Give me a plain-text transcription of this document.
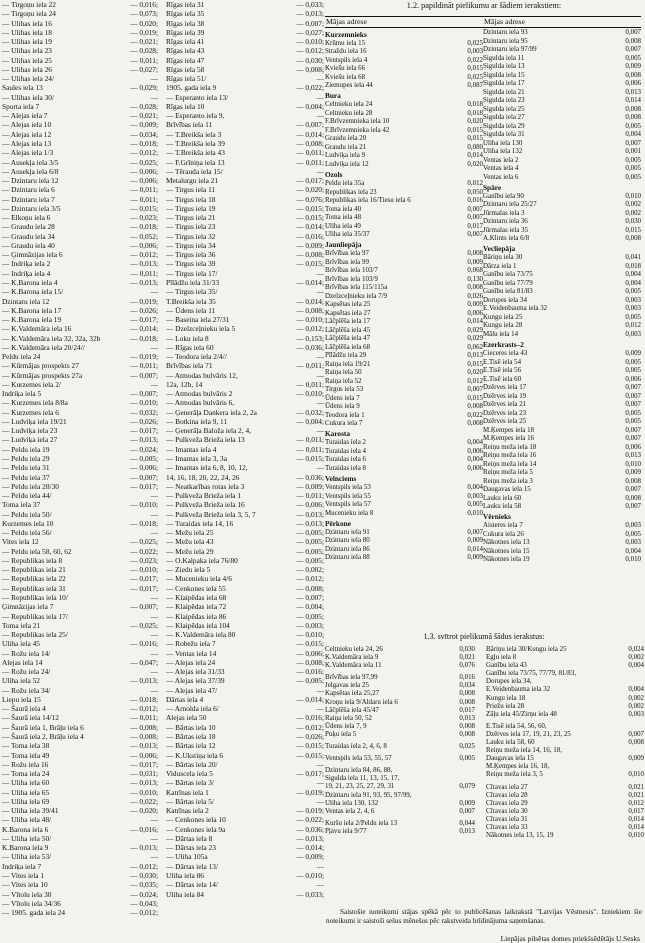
— Tirgoņu iela 22	— 0,016;
— Tirgoņu iela 24	— 0,073;
— Ulihas iela 16	— 0,020;
— Ulihas iela 18	— 0,019;
— Ulihas iela 19	— 0,021;
— Ulihas iela 23	— 0,028;
— Ulihas iela 25	— 0,011;
— Ulihas iela 26	— 0,027;
— Ulihas iela 24/	—
Saules iela 13	— 0,029;
— Ulihas iela 30/	—
Sporta iela 7	— 0,028;
— Alejas iela 7	— 0,021;
— Alejas iela 10	— 0,009;
— Alejas iela 12	— 0,034;
— Alejas iela 13	— 0,018;
— Alejas iela 1/3	— 0,012;
— Ausekļa iela 3/5	— 0,025;
— Ausekļa iela 6/8	— 0,006;
— Dzintaru iela 12	— 0,006;
— Dzintaru iela 6	— 0,011;
— Dzintaru iela 7	— 0,011;
— Dzintaru iela 3/5	— 0,015;
— Elkoņu iela 6	— 0,023;
— Graudu iela 28	— 0,018;
— Graudu iela 34	— 0,052;
— Graudu iela 40	— 0,006;
— Ģimnāzijas iela 6	— 0,012;
— Indriķa iela 2	— 0,013;
— Indriķa iela 4	— 0,011;
— K.Barona iela 4	— 0,013;
— K.Barona iela 15/	—
Dzintaru iela 12	— 0,019;
— K.Barona iela 17	— 0,026;
— K.Barona iela 19	— 0,017;
— K.Valdemāra iela 16	— 0,014;
— K.Valdemāra iela 32, 32a, 32b	— 0,018;
— K.Valdemāra iela 20/24//	—
Peldu iela 24	— 0,019;
— Kūrmājas prospekts 27	— 0,011;
— Kūrmājas prospekts 27a	— 0,007;
— Kurzemes iela 2/	—
Indriķa iela 5	— 0,007;
— Kurzemes iela 8/8a	— 0,010;
— Kurzemes iela 6	— 0,032;
— Ludviķa iela 19/21	— 0,026;
— Ludviķa iela 23	— 0,017;
— Ludviķa iela 27	— 0,013;
— Peldu iela 19	— 0,024;
— Peldu iela 29	— 0,005;
— Peldu iela 31	— 0,006;
— Peldu iela 37	— 0,007;
— Peldu iela 28/30	— 0,017;
— Peldu iela 44/	—
Toma iela 37	— 0,010;
— Peldu iela 50/	—
Kurzemes iela 10	— 0,018;
— Peldu iela 56/	—
Vites iela 12	— 0,025;
— Peldu iela 58, 60, 62	— 0,022;
— Republikas iela 8	— 0,023;
— Republikas iela 21	— 0,010;
— Republikas iela 22	— 0,017;
— Republikas iela 31	— 0,017;
— Republikas iela 10/	—
Ģimnāzijas iela 7	— 0,007;
— Republikas iela 17/	—
Toma iela 21	— 0,025;
— Republikas iela 25/	—
Uliha iela 45	— 0,016;
— Rožu iela 14/	—
Alejas iela 14	— 0,047;
— Rožu iela 24/	—
Uliha iela 52	— 0,013;
— Rožu iela 34/	—
Liepu iela 15	— 0,018;
— Šaurā iela 4	— 0,012;
— Šaurā iela 14/12	— 0,011;
— Šaurā iela 1, Brāļu iela 6	— 0,008;
— Šaurā iela 2, Brāļu iela 4	— 0,008;
— Toma iela 38	— 0,013;
— Toma iela 49	— 0,006;
— Rožu iela 16	— 0,017;
— Toma iela 24	— 0,031;
— Uliha iela 60	— 0,013;
— Uliha iela 65	— 0,010;
— Uliha iela 69	— 0,022;
— Uliha iela 39/41	— 0,020;
— Uliha iela 48/	—
K.Barona iela 6	— 0,016;
— Uliha iela 50/	—
K.Barona iela 9	— 0,013;
— Uliha iela 53/	—
Indriķa iela 7	— 0,012;
— Vites iela 1	— 0,030;
— Vites iela 10	— 0,035;
— Vītolu iela 30	— 0,024;
— Vītolu iela 34/36	— 0,043;
— 1905. gada iela 24	— 0,012;
Rīgas iela 31	— 0,033;
Rīgas iela 35	— 0,013;
Rīgas iela 38	— 0,007;
Rīgas iela 39	— 0,027;
Rīgas iela 41	— 0,010;
Rīgas iela 43	— 0,012;
Rīgas iela 47	— 0,030;
Rīgas iela 58	— 0,008;
Rīgas iela 51/	—
1905. gada iela 9	— 0,022;
— Esperanto iela 13/	—
Rīgas iela 10	— 0,004;
— Esperanto iela 9,	—
Brīvības iela 11	— 0,007;
— T.Breikša iela 3	— 0,014;
— T.Breikša iela 39	— 0,008;
— T.Breikša iela 43	— 0,011;
— F.Grīniņa iela 13	— 0,011;
— Tērauda iela 15/	—
Metalurgu iela 21	— 0,017;
— Tirgus iela 11	— 0,020;
— Tirgus iela 18	— 0,076;
— Tirgus iela 19	— 0,015;
— Tirgus iela 21	— 0,015;
— Tirgus iela 23	— 0,014;
— Tirgus iela 32	— 0,016;
— Tirgus iela 34	— 0,009;
— Tirgus iela 36	— 0,008;
— Tirgus iela 39	— 0,015;
— Tirgus iela 17/	—
Pīlādžu iela 31/33	— 0,014;
— Tirgus iela 35/	—
T.Breikša iela 35	— 0,014;
— Ūdens iela 11	— 0,008;
— Baseina iela 27/31	— 0,010;
— Dzelzceļnieku iela 5	— 0,012;
— Loku iela 8	— 0,153;
— Rīgas iela 60	— 0,036;
— Teodora iela 2/4//	—
Brīvības iela 71	— 0,011;
— Atmodas bulvāris 12,	—
12a, 12b, 14	— 0,011;
— Atmodas bulvāris 2	— 0,010;
— Atmodas bulvāris 6,	—
— Ģenerāļa Dankera iela 2, 2a	— 0,032;
— Botkina iela 9, 11	— 0,004;
— Ģenerāļa Baloža iela 2, 4,	—
— Pulkveža Brieža iela 13	— 0,011;
— Imantas iela 4	— 0,011;
— Imantas iela 3, 3a	— 0,015;
— Imantas iela 6, 8, 10, 12,	—
14, 16, 18, 20, 22, 24, 26	— 0,036;
— Neatkarības rotas iela 3	— 0,009;
— Pulkveža Brieža iela 1	— 0,011;
— Pulkveža Brieža iela 16	— 0,006;
— Pulkveža Brieža iela 3, 5, 7	— 0,013;
— Turaidas iela 14, 16	— 0,013;
— Mežu iela 25	— 0,005;
— Mežu iela 43	— 0,005;
— Mežu iela 29	— 0,005;
— O.Kalpaka iela 76/80	— 0,005;
— Ziedu iela 5	— 0,002;
— Mucenieku iela 4/6	— 0,012;
— Cenkones iela 55	— 0,008;
— Klaipēdas iela 68	— 0,007;
— Klaipēdas iela 72	— 0,004;
— Klaipēdas iela 86	— 0,005;
— Klaipēdas iela 104	— 0,003;
— K.Valdemāra iela 80	— 0,010;
— Robežu iela 7	— 0,015;
— Ventas iela 14	— 0,006;
— Alejas iela 24	— 0,008;
— Alejas iela 31/33	— 0,016;
— Alejas iela 37/39	— 0,005;
— Alejas iela 47/	—
Dārtas iela 4	— 0,014;
— Arnolda iela 6/	—
Alejas iela 50	— 0,016;
— Bārtas iela 10	— 0,012;
— Bārtas iela 18	— 0,026;
— Bārtas iela 12	— 0,015;
— K.Ukstiņa iela 6	— 0,015;
— Bārtas iela 20/	—
Viduscela iela 5	— 0,017;
— Bārtas iela 3/	—
Katrīnas iela 1	— 0,019;
— Bārtas iela 5/	—
Katrīnas iela 2	— 0,019;
— Cenkones iela 10	— 0,022;
— Cenkones iela 9a	— 0,036;
— Dārtas iela 8	— 0,013;
— Dārtas iela 23	— 0,014;
— Uliha 105a	— 0,009;
— Dārtas iela 13/	—
Uliha iela 86	— 0,010;
— Dārtas iela 14/	—
Uliha iela 84	— 0,033;
1.2. papildināt pielikumu ar šādiem ierakstiem:
Mājas adrese
Kurzemnieks
Krūmu iela 15	0,025
Straždu iela 16	0,003
Ventspils iela 4	0,022
Kviešu iela 66	0,015
Kviešu iela 68	0,025
Ziemupes iela 44	0,087
Bura
Celtnieku iela 24	0,018
Celtnieku iela 28	0,018
F.Brīvzemnieka iela 10	0,020
F.Brīvzemnieka iela 42	0,015
Graudu iela 20	0,015
Graudu iela 21	0,080
Ludviķa iela 9	0,014
Ludviķa iela 12	0,020
Ozols
Peldu iela 35a	0,012
Republikas iela 23	0,050
Republikas iela 16/Tiesu iela 6	0,016
Toma iela 40	0,007
Toma iela 48	0,007
Uliha iela 49	0,017
Uliha iela 35/37	0,007
Jaunliepāja
Brīvības iela 97	0,008
Brīvības iela 99	0,009
Brīvības iela 103/7	0,068
Brīvības iela 103/9	0,130
Brīvības iela 115/115a	0,008
Dzelzceļnieku iela 7/9	0,026
Kapsētas iela 25	0,009
Kapsētas iela 27	0,006
Lāčplēša iela 17	0,014
Lāčplēša iela 45	0,029
Lāčplēša iela 47	0,029
Lāčplēša iela 68	0,062
Pīlādžu iela 29	0,013
Raiņa iela 19/21	0,015
Raiņa iela 50	0,020
Raiņa iela 52	0,012
Tirgus iela 53	0,007
Ūdens iela 7	0,015
Ūdens iela 9	0,008
Teodora iela 1	0,022
Cukura iela 7	0,008
Karosta
Turaidas iela 2	0,004
Turaidas iela 4	0,006
Turaidas iela 6	0,004
Turaidas iela 8	0,006
Velnciems
Ventspils iela 53	0,004
Ventspils iela 55	0,003
Ventspils iela 57	0,005
Mucenieku iela 8	0,010
Pērkone
Dzintaru iela 91	0,007
Dzintaru iela 80	0,009
Dzintaru iela 86	0,014
Dzintaru iela 88	0,009
Mājas adrese
Dzintaru iela 93	0,007
Dzintaru iela 95	0,008
Dzintaru iela 97/99	0,007
Sigulda iela 11	0,005
Sigulda iela 13	0,009
Sigulda iela 15	0,008
Sigulda iela 17	0,006
Sigulda iela 21	0,013
Sigulda iela 23	0,014
Sigulda iela 25	0,008
Sigulda iela 27	0,008
Sigulda iela 29	0,005
Sigulda iela 31	0,004
Uliha iela 130	0,007
Uliha iela 132	0,001
Ventas iela 2	0,005
Ventas iela 4	0,005
Ventas iela 6	0,005
Spāre
Ganību iela 90	0,010
Dzintaru iela 25/27	0,002
Jūrmalas iela 3	0,002
Dzintaru iela 36	0,030
Jūrmalas iela 35	0,015
A.Klints iela 6/8	0,008
Vecliepāja
Bāriņu iela 30	0,041
Dārza iela 1	0,018
Ganību iela 73/75	0,004
Ganību iela 77/79	0,004
Ganību iela 81/83	0,005
Dorupes iela 34	0,003
E.Veidenbauma iela 32	0,003
Kungu iela 25	0,005
Kungu iela 28	0,012
Mālu iela 14	0,003
Ezerkrasts–2
Cieceres iela 43	0,009
E.Tisē iela 54	0,005
E.Tisē iela 56	0,005
E.Tisē iela 60	0,006
Dzērves iela 17	0,007
Dzērves iela 19	0,007
Dzērves iela 21	0,007
Dzērves iela 23	0,005
Dzērves iela 25	0,005
M.Ķempes iela 18	0,007
M.Ķempes iela 16	0,007
Reiņu meža iela 18	0,006
Reiņu meža iela 16	0,013
Reiņu meža iela 14	0,010
Reiņu meža iela 5	0,009
Reiņu meža iela 3	0,008
Daugavas iela 15	0,007
Lauku iela 60	0,008
Lauku iela 58	0,007
Vērnieks
Aisteres iela 7	0,003
Cukura iela 26	0,005
Nākotnes iela 13	0,003
Nākotnes iela 15	0,004
Nākotnes iela 19	0,010
1.3. svītrot pielikumā šādus ierakstus:
Celtnieku iela 24, 26	0,030
K.Valdemāra iela 9	0,021
K.Valdemāra iela 11	0,076
Brīvības iela 97,99	0,016
Jelgavas iela 25	0,034
Kapsētas iela 25,27	0,008
Kroņu iela 9/Aldaru iela 6	0,008
Lāčplēša iela 45/47	0,017
Raiņa iela 50, 52	0,013
Ūdens iela 7, 9	0,008
Puķu iela 5	0,008
Turaidas iela 2, 4, 6, 8	0,025
Ventspils iela 53, 55, 57	0,005
Dzintaru iela 84, 86, 88,
Sigulda iela 11, 13, 15, 17,
19, 21, 23, 25, 27, 29, 31	0,079
Dzintaru iela 91, 93, 95, 97/99,
Uliha iela 130, 132	0,009
Ventas iela 2, 4, 6	0,007
Kuršu iela 2/Peldu iela 13	0,044
Pļavu iela 9/77	0,013
Bāriņu iela 30/Kungu iela 25	0,024
Egļu iela 8	0,002
Ganību iela 43	0,004
Ganību iela 73/75, 77/79, 81/83,
Dorupes iela 34,
E.Veidenbauma iela 32	0,004
Kungu iela 18	0,002
Priežu iela 28	0,002
Zāļu iela 45/Zirņu iela 48	0,003
E.Tisē iela 54, 56, 60,
Dzērves iela 17, 19, 21, 23, 25	0,007
Lauku iela 58, 60	0,008
Reiņu meža iela 14, 16, 18,
Daugavas iela 15	0,009
M.Ķempes iela 16, 18,
Reiņu meža iela 3, 5	0,010
Cīravas iela 27	0,021
Cīravas iela 28	0,021
Cīravas iela 29	0,012
Cīravas iela 30	0,017
Cīravas iela 31	0,014
Cīravas iela 33	0,014
Nākotnes iela 13, 15, 19	0,010
Saistošie noteikumi stājas spēkā pēc to publicēšanas laikrakstā "Latvijas Vēstnesis". Izniekiem šie noteikumi ir saistoši sešus mēnešus pēc rakstveida brīdinājuma saņemšanas.
Liepājas pilsētas domes priekšsēdētājs U.Sesks
